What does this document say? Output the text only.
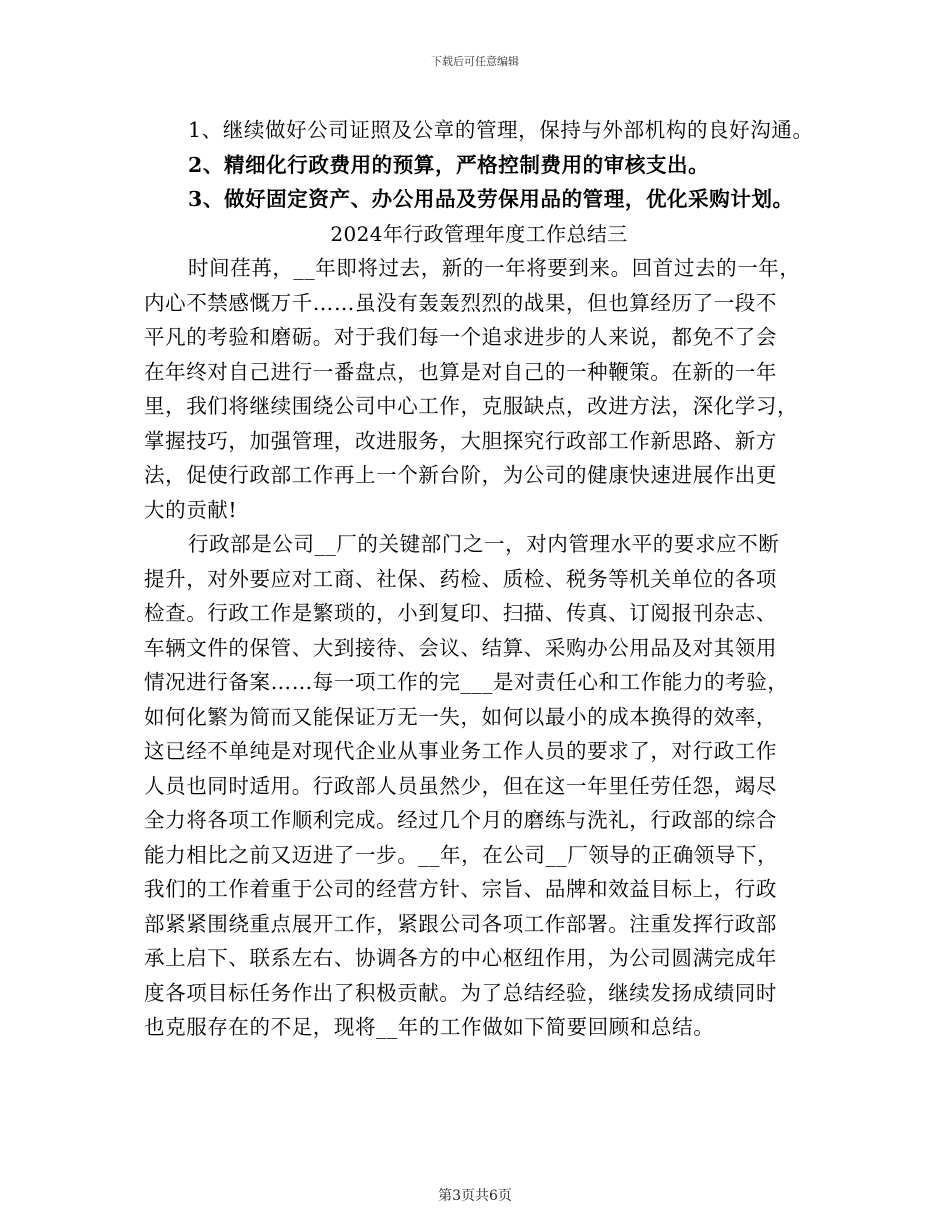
下载后可任意编辑
1、继续做好公司证照及公章的管理，保持与外部机构的良好沟通。
2、精细化行政费用的预算，严格控制费用的审核支出。
3、做好固定资产、办公用品及劳保用品的管理，优化采购计划。
2024年行政管理年度工作总结三
时间荏苒，__年即将过去，新的一年将要到来。回首过去的一年，
内心不禁感慨万千……虽没有轰轰烈烈的战果，但也算经历了一段不
平凡的考验和磨砺。对于我们每一个追求进步的人来说，都免不了会
在年终对自己进行一番盘点，也算是对自己的一种鞭策。在新的一年
里，我们将继续围绕公司中心工作，克服缺点，改进方法，深化学习，
掌握技巧，加强管理，改进服务，大胆探究行政部工作新思路、新方
法，促使行政部工作再上一个新台阶，为公司的健康快速进展作出更
大的贡献!
行政部是公司__厂的关键部门之一，对内管理水平的要求应不断
提升，对外要应对工商、社保、药检、质检、税务等机关单位的各项
检查。行政工作是繁琐的，小到复印、扫描、传真、订阅报刊杂志、
车辆文件的保管、大到接待、会议、结算、采购办公用品及对其领用
情况进行备案……每一项工作的完___是对责任心和工作能力的考验，
如何化繁为简而又能保证万无一失，如何以最小的成本换得的效率，
这已经不单纯是对现代企业从事业务工作人员的要求了，对行政工作
人员也同时适用。行政部人员虽然少，但在这一年里任劳任怨，竭尽
全力将各项工作顺利完成。经过几个月的磨练与洗礼，行政部的综合
能力相比之前又迈进了一步。__年，在公司__厂领导的正确领导下，
我们的工作着重于公司的经营方针、宗旨、品牌和效益目标上，行政
部紧紧围绕重点展开工作，紧跟公司各项工作部署。注重发挥行政部
承上启下、联系左右、协调各方的中心枢纽作用，为公司圆满完成年
度各项目标任务作出了积极贡献。为了总结经验，继续发扬成绩同时
也克服存在的不足，现将__年的工作做如下简要回顾和总结。
第3页共6页
